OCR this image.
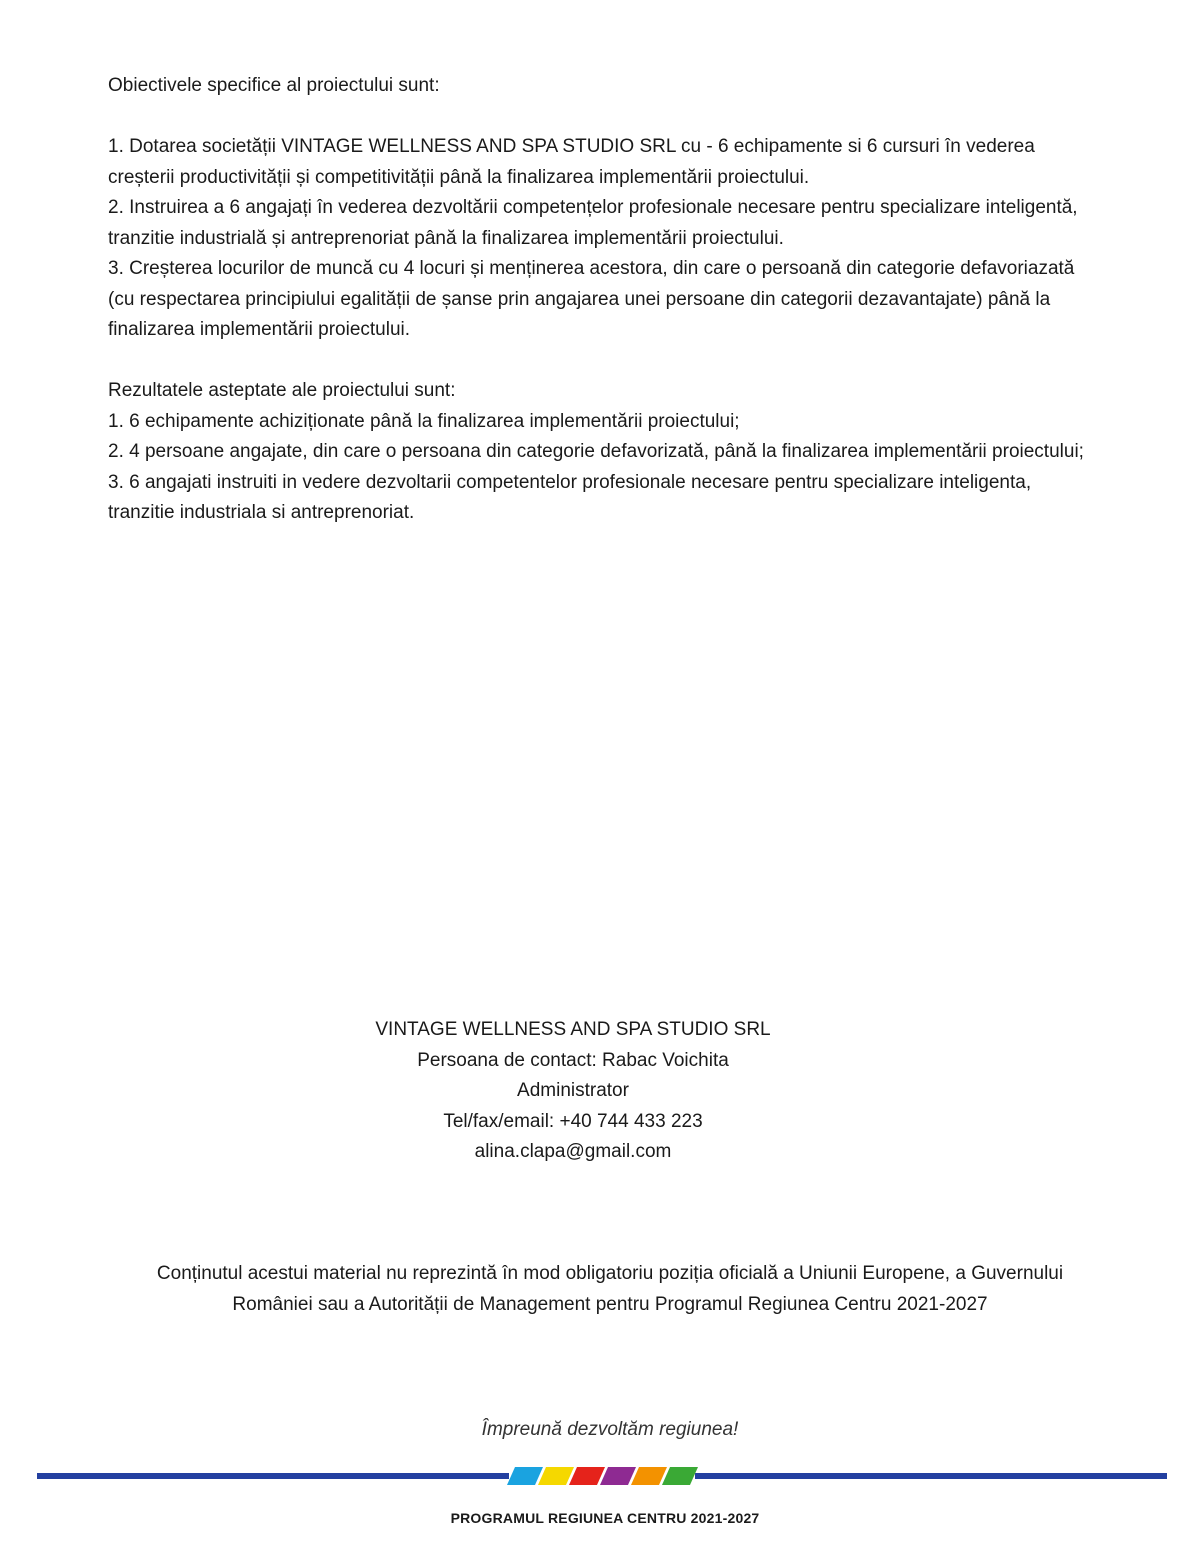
Obiectivele specifice al proiectului sunt:

1. Dotarea societății VINTAGE WELLNESS AND SPA STUDIO SRL cu - 6 echipamente si 6 cursuri în vederea creșterii productivității și competitivității până la finalizarea implementării proiectului.

2. Instruirea a 6 angajați în vederea dezvoltării competențelor profesionale necesare pentru specializare inteligentă, tranzitie industrială și antreprenoriat până la finalizarea implementării proiectului.

3. Creșterea locurilor de muncă cu 4 locuri și menținerea acestora, din care o persoană din categorie defavoriazată (cu respectarea principiului egalității de șanse prin angajarea unei persoane din categorii dezavantajate) până la finalizarea implementării proiectului.

Rezultatele asteptate ale proiectului sunt:

1. 6 echipamente achiziționate până la finalizarea implementării proiectului;

2. 4 persoane angajate, din care o persoana din categorie defavorizată, până la finalizarea implementării proiectului;

3. 6 angajati instruiti in vedere dezvoltarii competentelor profesionale necesare pentru specializare inteligenta, tranzitie industriala si antreprenoriat.

VINTAGE WELLNESS AND SPA STUDIO SRL
Persoana de contact: Rabac Voichita
Administrator
Tel/fax/email: +40 744 433 223
alina.clapa@gmail.com
Conținutul acestui material nu reprezintă în mod obligatoriu poziția oficială a Uniunii Europene, a Guvernului
României sau a Autorității de Management pentru Programul Regiunea Centru 2021-2027
Împreună dezvoltăm regiunea!
PROGRAMUL REGIUNEA CENTRU 2021-2027
